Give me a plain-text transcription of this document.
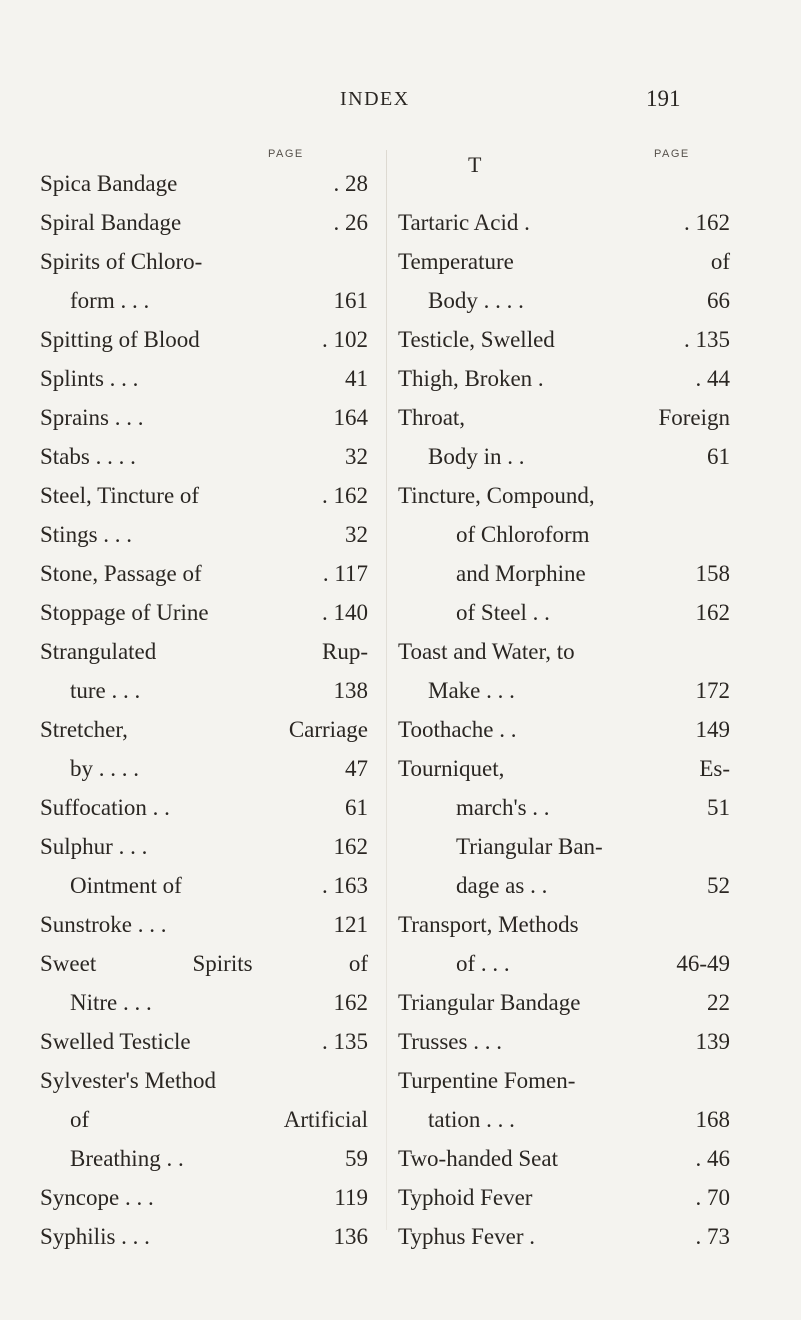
INDEX	191
PAGE
Spica Bandage	. 28
Spiral Bandage	. 26
Spirits of Chloro-
form . . .	161
Spitting of Blood	. 102
Splints . . .	41
Sprains . . .	164
Stabs . . . .	32
Steel, Tincture of	. 162
Stings . . .	32
Stone, Passage of	. 117
Stoppage of Urine	. 140
Strangulated Rup-
ture . . .	138
Stretcher, Carriage
by . . . .	47
Suffocation . .	61
Sulphur . . .	162
Ointment of	. 163
Sunstroke . . .	121
Sweet Spirits of
Nitre . . .	162
Swelled Testicle	. 135
Sylvester's Method
of Artificial
Breathing . .	59
Syncope . . .	119
Syphilis . . .	136
PAGE
T
Tartaric Acid .	. 162
Temperature of
Body . . . .	66
Testicle, Swelled	. 135
Thigh, Broken .	. 44
Throat, Foreign
Body in . .	61
Tincture, Compound,
of Chloroform
and Morphine	158
of Steel . .	162
Toast and Water, to
Make . . .	172
Toothache . .	149
Tourniquet, Es-
march's . .	51
Triangular Ban-
dage as . .	52
Transport, Methods
of . . .	46-49
Triangular Bandage	22
Trusses . . .	139
Turpentine Fomen-
tation . . .	168
Two-handed Seat	. 46
Typhoid Fever	. 70
Typhus Fever .	. 73
